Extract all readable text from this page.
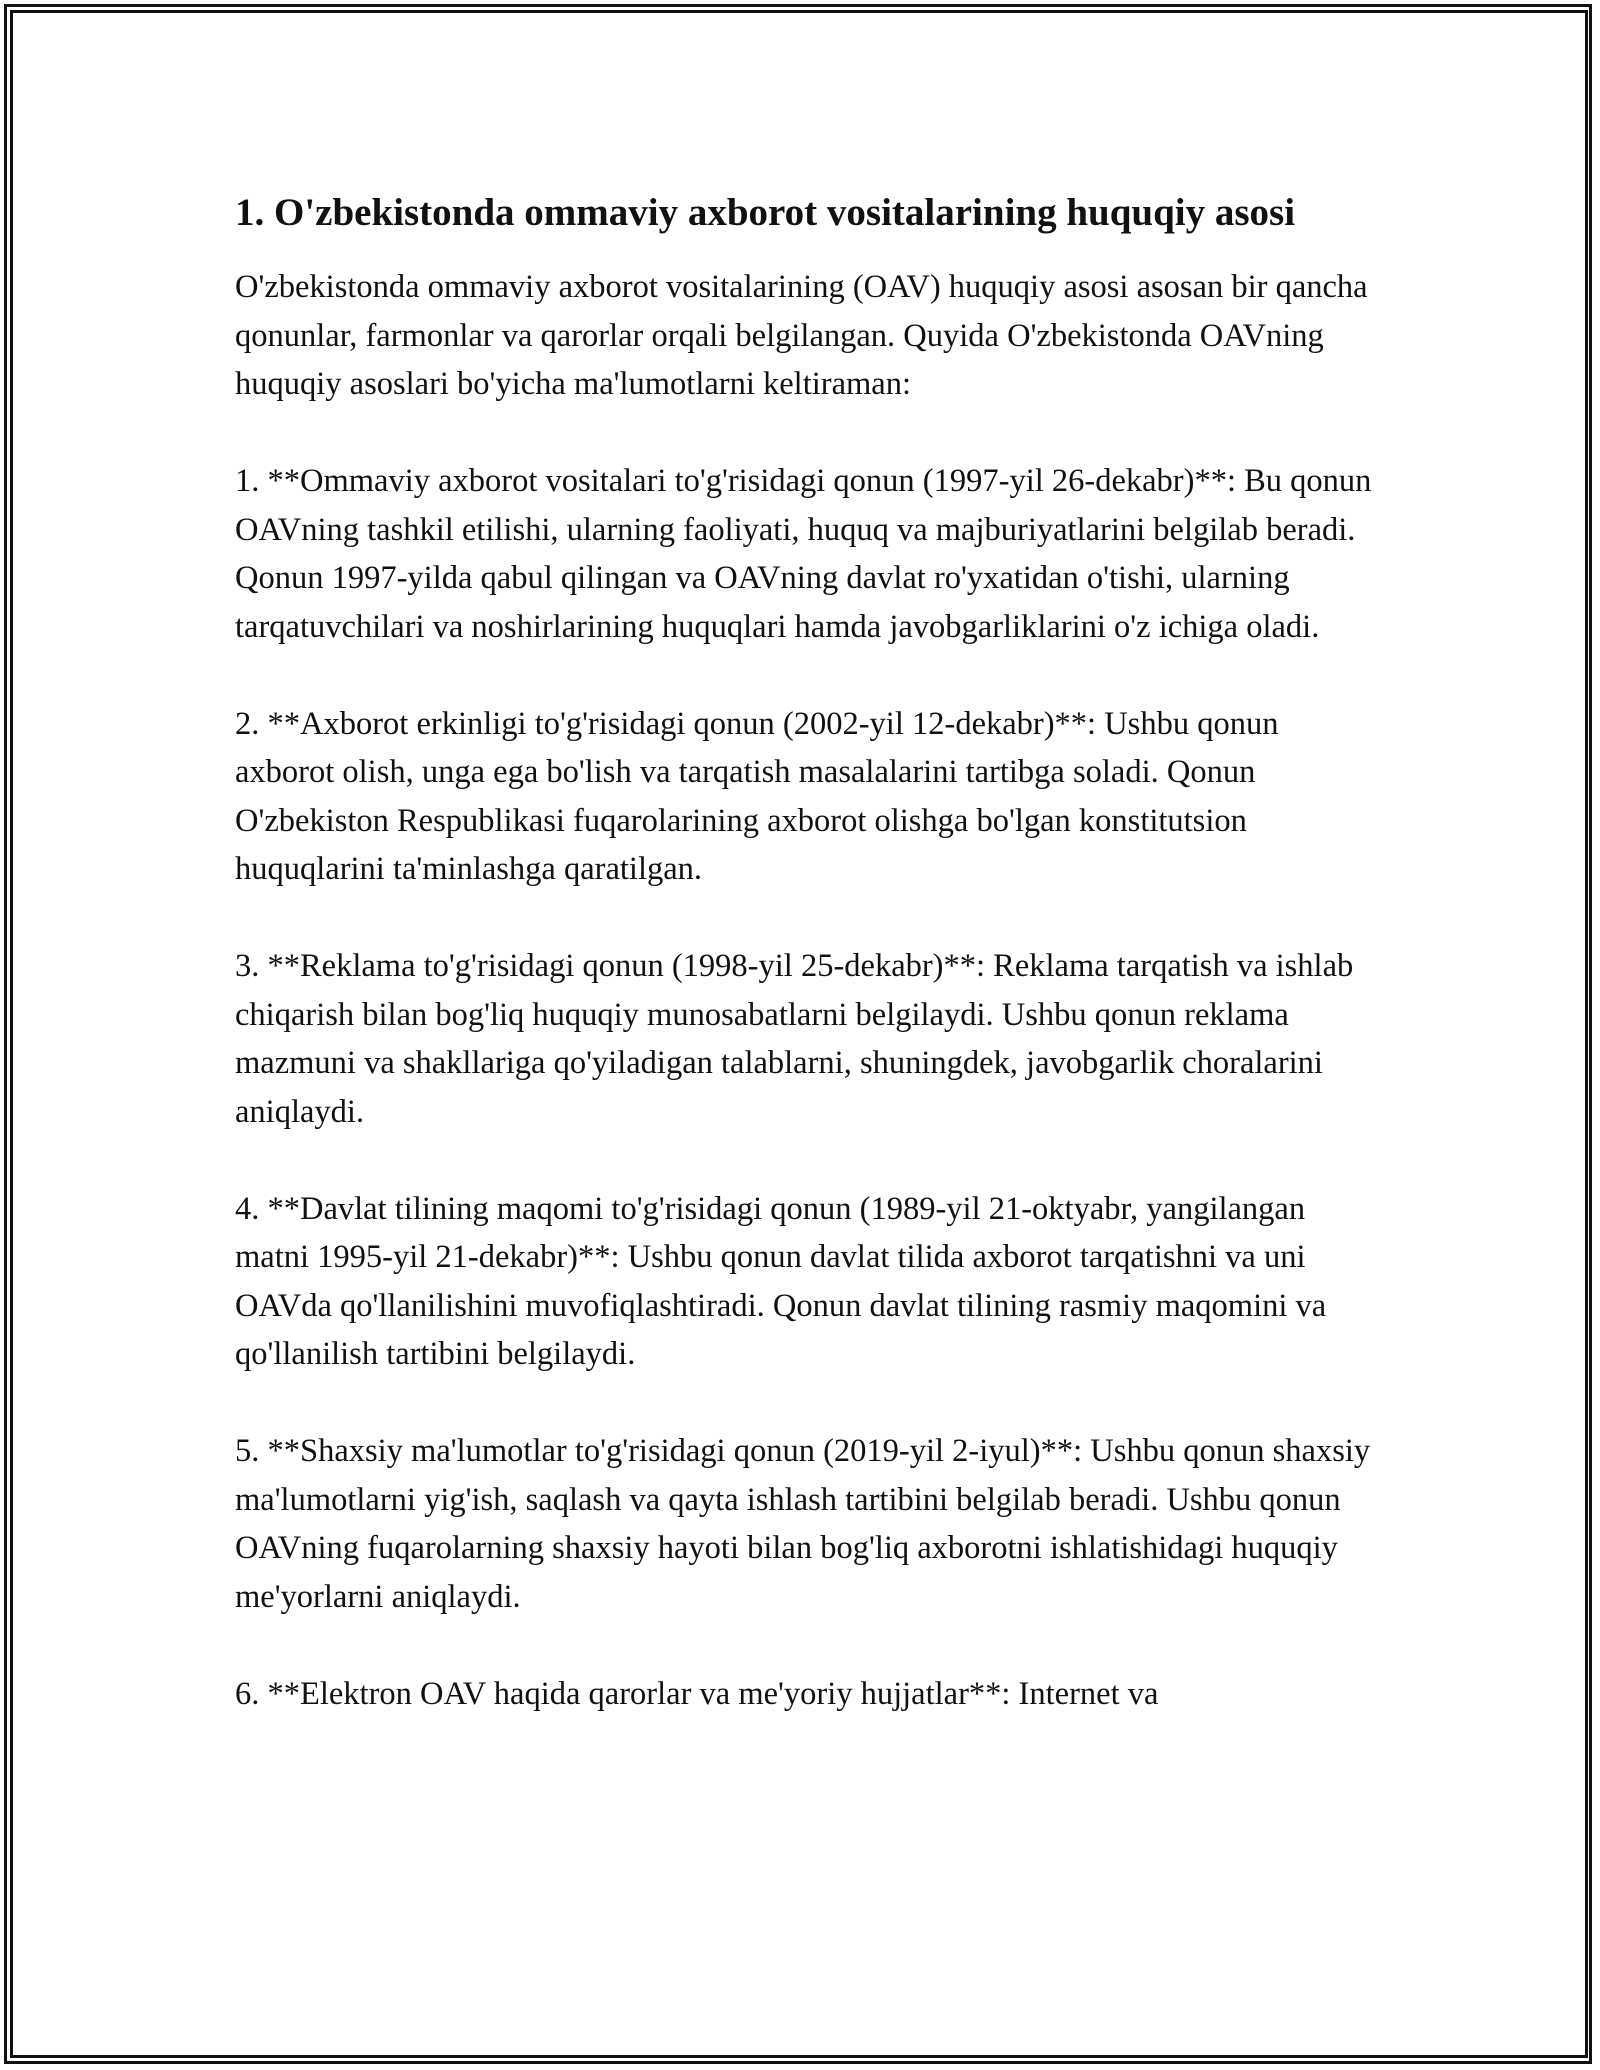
1. O'zbekistonda ommaviy axborot vositalarining huquqiy asosi

O'zbekistonda ommaviy axborot vositalarining (OAV) huquqiy asosi asosan bir qancha qonunlar, farmonlar va qarorlar orqali belgilangan. Quyida O'zbekistonda OAVning huquqiy asoslari bo'yicha ma'lumotlarni keltiraman:

1. **Ommaviy axborot vositalari to'g'risidagi qonun (1997-yil 26-dekabr)**: Bu qonun OAVning tashkil etilishi, ularning faoliyati, huquq va majburiyatlarini belgilab beradi. Qonun 1997-yilda qabul qilingan va OAVning davlat ro'yxatidan o'tishi, ularning tarqatuvchilari va noshirlarining huquqlari hamda javobgarliklarini o'z ichiga oladi.

2. **Axborot erkinligi to'g'risidagi qonun (2002-yil 12-dekabr)**: Ushbu qonun axborot olish, unga ega bo'lish va tarqatish masalalarini tartibga soladi. Qonun O'zbekiston Respublikasi fuqarolarining axborot olishga bo'lgan konstitutsion huquqlarini ta'minlashga qaratilgan.

3. **Reklama to'g'risidagi qonun (1998-yil 25-dekabr)**: Reklama tarqatish va ishlab chiqarish bilan bog'liq huquqiy munosabatlarni belgilaydi. Ushbu qonun reklama mazmuni va shakllariga qo'yiladigan talablarni, shuningdek, javobgarlik choralarini aniqlaydi.

4. **Davlat tilining maqomi to'g'risidagi qonun (1989-yil 21-oktyabr, yangilangan matni 1995-yil 21-dekabr)**: Ushbu qonun davlat tilida axborot tarqatishni va uni OAVda qo'llanilishini muvofiqlashtiradi. Qonun davlat tilining rasmiy maqomini va qo'llanilish tartibini belgilaydi.

5. **Shaxsiy ma'lumotlar to'g'risidagi qonun (2019-yil 2-iyul)**: Ushbu qonun shaxsiy ma'lumotlarni yig'ish, saqlash va qayta ishlash tartibini belgilab beradi. Ushbu qonun OAVning fuqarolarning shaxsiy hayoti bilan bog'liq axborotni ishlatishidagi huquqiy me'yorlarni aniqlaydi.

6. **Elektron OAV haqida qarorlar va me'yoriy hujjatlar**: Internet va
